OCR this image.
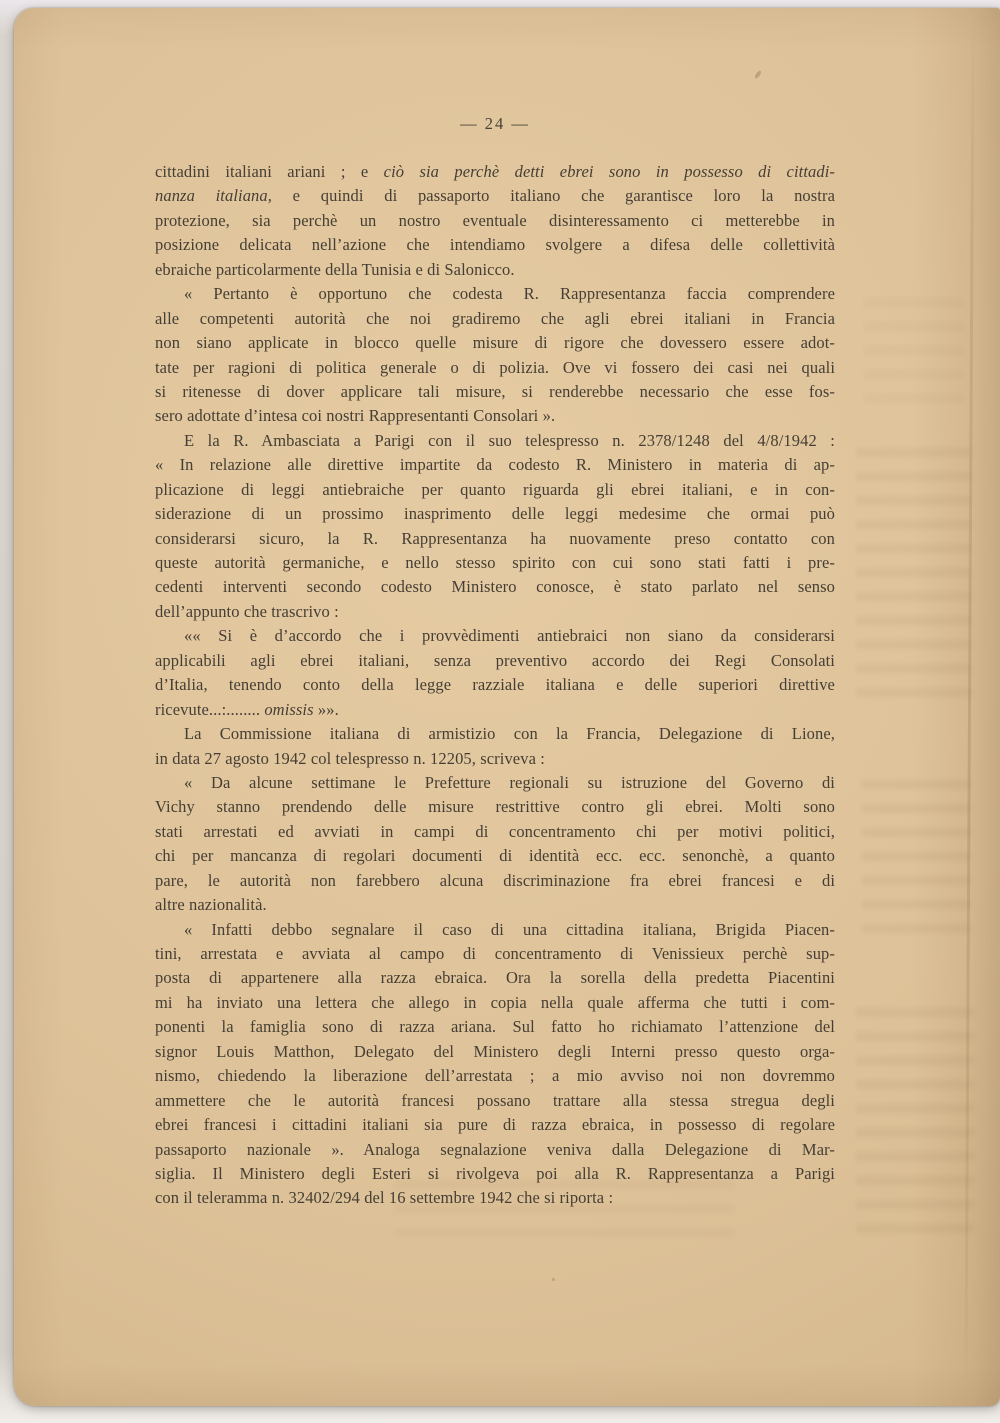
— 24 —
cittadini italiani ariani ; e ciò sia perchè detti ebrei sono in possesso di cittadi-
nanza italiana, e quindi di passaporto italiano che garantisce loro la nostra
protezione, sia perchè un nostro eventuale disinteressamento ci metterebbe in
posizione delicata nell’azione che intendiamo svolgere a difesa delle collettività
ebraiche particolarmente della Tunisia e di Salonicco.
« Pertanto è opportuno che codesta R. Rappresentanza faccia comprendere
alle competenti autorità che noi gradiremo che agli ebrei italiani in Francia
non siano applicate in blocco quelle misure di rigore che dovessero essere adot-
tate per ragioni di politica generale o di polizia. Ove vi fossero dei casi nei quali
si ritenesse di dover applicare tali misure, si renderebbe necessario che esse fos-
sero adottate d’intesa coi nostri Rappresentanti Consolari ».
E la R. Ambasciata a Parigi con il suo telespresso n. 2378/1248 del 4/8/1942 :
« In relazione alle direttive impartite da codesto R. Ministero in materia di ap-
plicazione di leggi antiebraiche per quanto riguarda gli ebrei italiani, e in con-
siderazione di un prossimo inasprimento delle leggi medesime che ormai può
considerarsi sicuro, la R. Rappresentanza ha nuovamente preso contatto con
queste autorità germaniche, e nello stesso spirito con cui sono stati fatti i pre-
cedenti interventi secondo codesto Ministero conosce, è stato parlato nel senso
dell’appunto che trascrivo :
«« Si è d’accordo che i provvèdimenti antiebraici non siano da considerarsi
applicabili agli ebrei italiani, senza preventivo accordo dei Regi Consolati
d’Italia, tenendo conto della legge razziale italiana e delle superiori direttive
ricevute...:........ omissis »».
La Commissione italiana di armistizio con la Francia, Delegazione di Lione,
in data 27 agosto 1942 col telespresso n. 12205, scriveva :
« Da alcune settimane le Prefetture regionali su istruzione del Governo di
Vichy stanno prendendo delle misure restrittive contro gli ebrei. Molti sono
stati arrestati ed avviati in campi di concentramento chi per motivi politici,
chi per mancanza di regolari documenti di identità ecc. ecc. senonchè, a quanto
pare, le autorità non farebbero alcuna discriminazione fra ebrei francesi e di
altre nazionalità.
« Infatti debbo segnalare il caso di una cittadina italiana, Brigida Piacen-
tini, arrestata e avviata al campo di concentramento di Venissieux perchè sup-
posta di appartenere alla razza ebraica. Ora la sorella della predetta Piacentini
mi ha inviato una lettera che allego in copia nella quale afferma che tutti i com-
ponenti la famiglia sono di razza ariana. Sul fatto ho richiamato l’attenzione del
signor Louis Matthon, Delegato del Ministero degli Interni presso questo orga-
nismo, chiedendo la liberazione dell’arrestata ; a mio avviso noi non dovremmo
ammettere che le autorità francesi possano trattare alla stessa stregua degli
ebrei francesi i cittadini italiani sia pure di razza ebraica, in possesso di regolare
passaporto nazionale ». Analoga segnalazione veniva dalla Delegazione di Mar-
siglia. Il Ministero degli Esteri si rivolgeva poi alla R. Rappresentanza a Parigi
con il teleramma n. 32402/294 del 16 settembre 1942 che si riporta :
